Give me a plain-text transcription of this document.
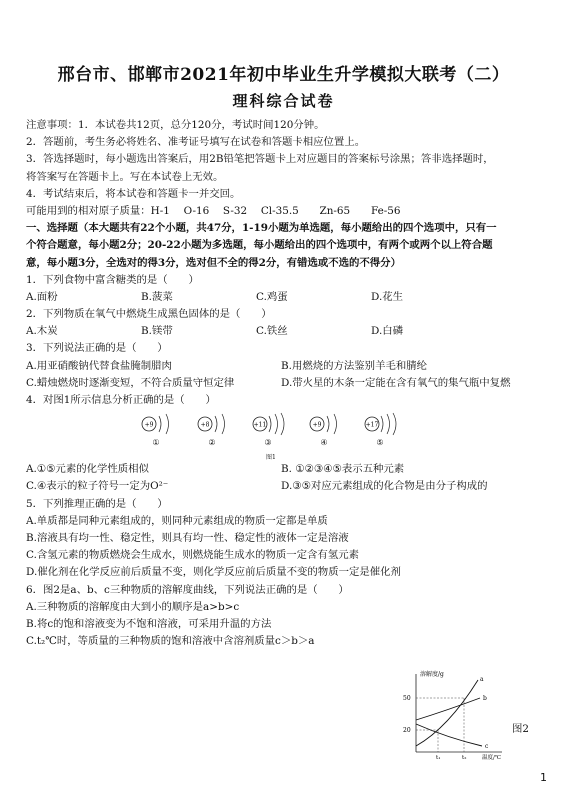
邢台市、邯郸市2021年初中毕业生升学模拟大联考（二）
理科综合试卷
注意事项：1．本试卷共12页，总分120分，考试时间120分钟。
2．答题前，考生务必将姓名、准考证号填写在试卷和答题卡相应位置上。
3．答选择题时，每小题选出答案后，用2B铅笔把答题卡上对应题目的答案标号涂黑；答非选择题时，
将答案写在答题卡上。写在本试卷上无效。
4．考试结束后，将本试卷和答题卡一并交回。
可能用到的相对原子质量：H-1　 O-16　 S-32　 Cl-35.5　　Zn-65　　Fe-56
一、选择题（本大题共有22个小题，共47分，1-19小题为单选题，每小题给出的四个选项中，只有一
个符合题意，每小题2分；20-22小题为多选题，每小题给出的四个选项中，有两个或两个以上符合题
意，每小题3分，全选对的得3分，选对但不全的得2分，有错选或不选的不得分）
1．下列食物中富含糖类的是（　　）
A.面粉	B.菠菜	C.鸡蛋	D.花生
2．下列物质在氧气中燃烧生成黑色固体的是（　　）
A.木炭	B.镁带	C.铁丝	D.白磷
3．下列说法正确的是（　　）
A.用亚硝酸钠代替食盐腌制腊肉	B.用燃烧的方法鉴别羊毛和腈纶
C.蜡烛燃烧时逐渐变短，不符合质量守恒定律	D.带火星的木条一定能在含有氧气的集气瓶中复燃
4．对图1所示信息分析正确的是（　　）
+9
①
+8
②
+11
③
+9
④
+17
⑤
图1
A.①⑤元素的化学性质相似	B. ①②③④⑤表示五种元素
C.④表示的粒子符号一定为O²⁻	D.③⑤对应元素组成的化合物是由分子构成的
5．下列推理正确的是（　　）
A.单质都是同种元素组成的，则同种元素组成的物质一定都是单质
B.溶液具有均一性、稳定性，则具有均一性、稳定性的液体一定是溶液
C.含氢元素的物质燃烧会生成水，则燃烧能生成水的物质一定含有氢元素
D.催化剂在化学反应前后质量不变，则化学反应前后质量不变的物质一定是催化剂
6．图2是a、b、c三种物质的溶解度曲线，下列说法正确的是（　　）
A.三种物质的溶解度由大到小的顺序是a>b>c
B.将c的饱和溶液变为不饱和溶液，可采用升温的方法
C.t₂℃时，等质量的三种物质的饱和溶液中含溶剂质量c＞b＞a
溶解度/g
温度/℃
50
20
a
b
c
t₁	t₂
图2
1
